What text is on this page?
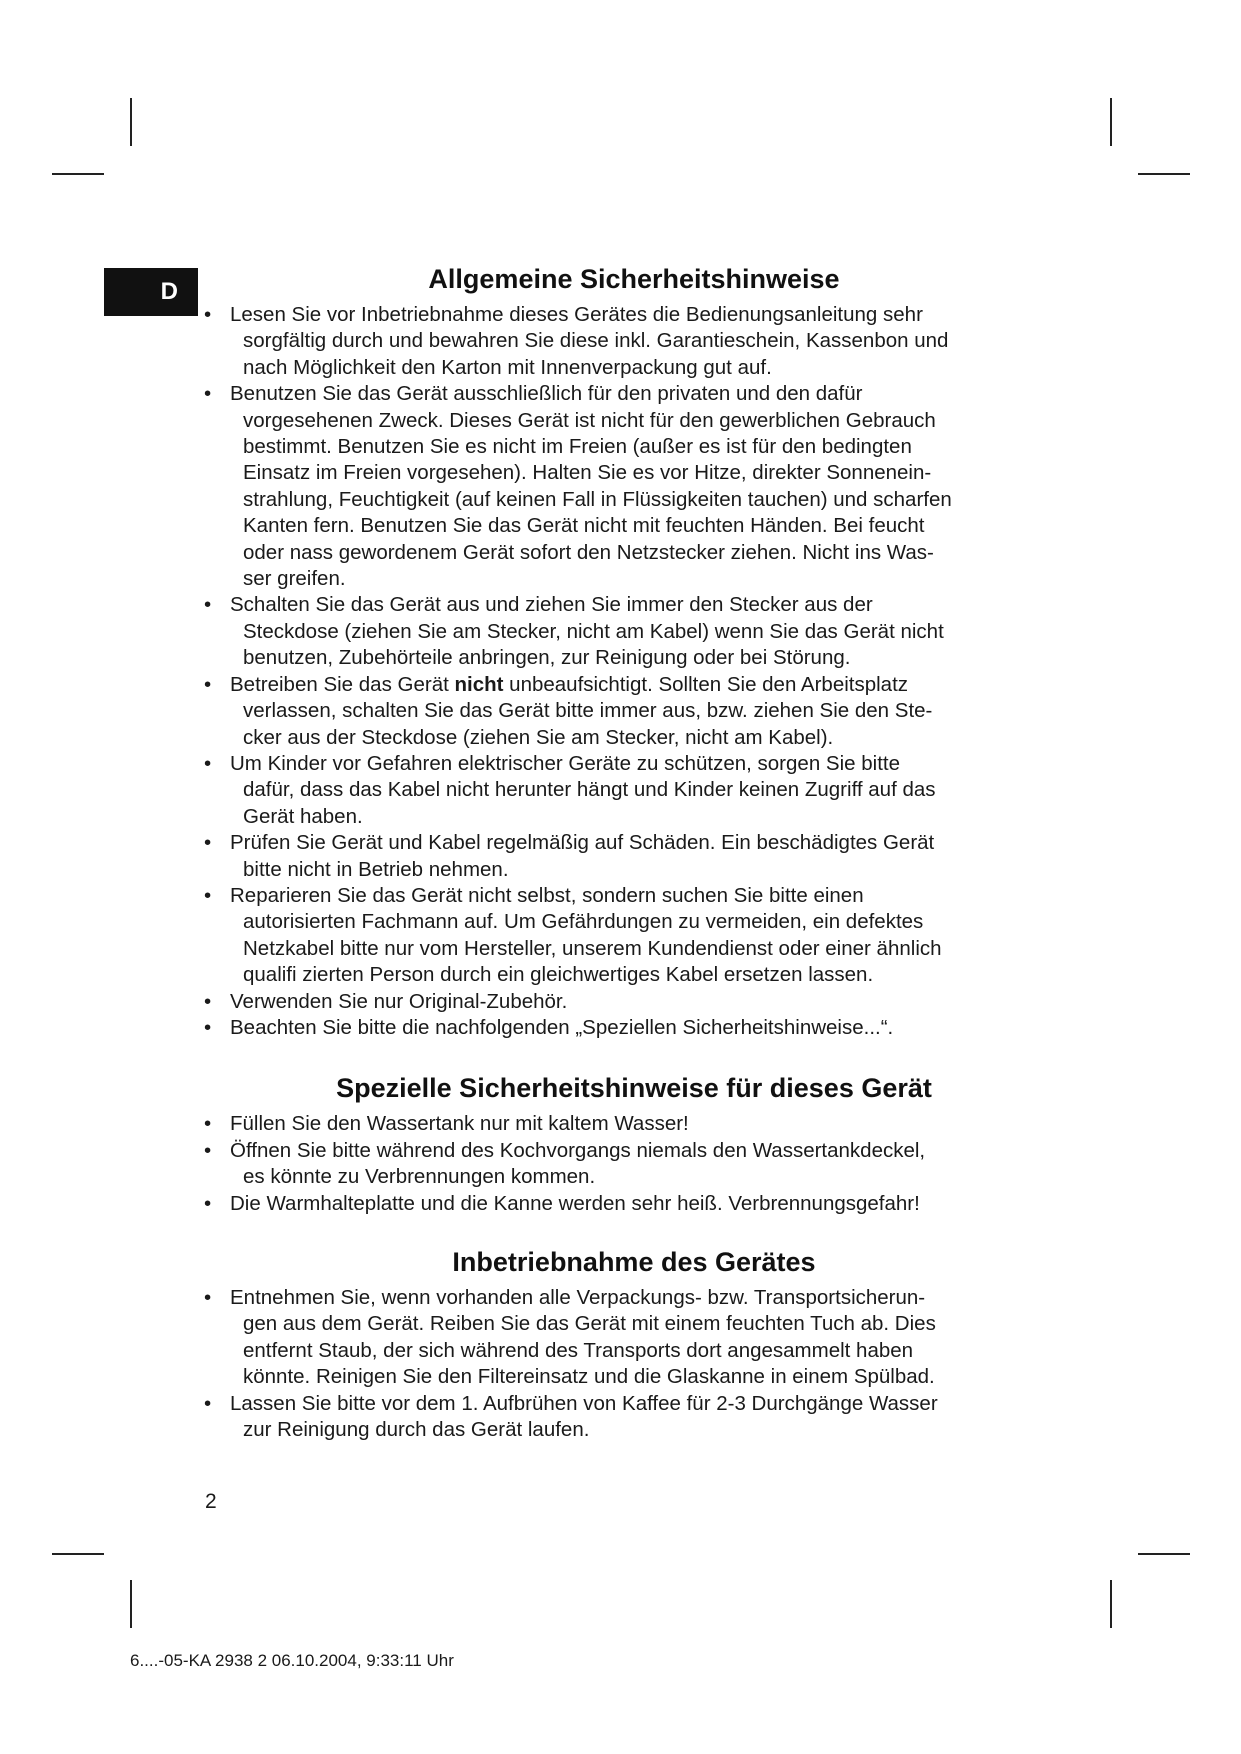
D	Allgemeine Sicherheitshinweise
• Lesen Sie vor Inbetriebnahme dieses Gerätes die Bedienungsanleitung sehr
sorgfältig durch und bewahren Sie diese inkl. Garantieschein, Kassenbon und
nach Möglichkeit den Karton mit Innenverpackung gut auf.
• Benutzen Sie das Gerät ausschließlich für den privaten und den dafür
vorgesehenen Zweck. Dieses Gerät ist nicht für den gewerblichen Gebrauch
bestimmt. Benutzen Sie es nicht im Freien (außer es ist für den bedingten
Einsatz im Freien vorgesehen). Halten Sie es vor Hitze, direkter Sonnenein-
strahlung, Feuchtigkeit (auf keinen Fall in Flüssigkeiten tauchen) und scharfen
Kanten fern. Benutzen Sie das Gerät nicht mit feuchten Händen. Bei feucht
oder nass gewordenem Gerät sofort den Netzstecker ziehen. Nicht ins Was-
ser greifen.
• Schalten Sie das Gerät aus und ziehen Sie immer den Stecker aus der
Steckdose (ziehen Sie am Stecker, nicht am Kabel) wenn Sie das Gerät nicht
benutzen, Zubehörteile anbringen, zur Reinigung oder bei Störung.
• Betreiben Sie das Gerät nicht unbeaufsichtigt. Sollten Sie den Arbeitsplatz
verlassen, schalten Sie das Gerät bitte immer aus, bzw. ziehen Sie den Ste-
cker aus der Steckdose (ziehen Sie am Stecker, nicht am Kabel).
• Um Kinder vor Gefahren elektrischer Geräte zu schützen, sorgen Sie bitte
dafür, dass das Kabel nicht herunter hängt und Kinder keinen Zugriff auf das
Gerät haben.
• Prüfen Sie Gerät und Kabel regelmäßig auf Schäden. Ein beschädigtes Gerät
bitte nicht in Betrieb nehmen.
• Reparieren Sie das Gerät nicht selbst, sondern suchen Sie bitte einen
autorisierten Fachmann auf. Um Gefährdungen zu vermeiden, ein defektes
Netzkabel bitte nur vom Hersteller, unserem Kundendienst oder einer ähnlich
qualifi zierten Person durch ein gleichwertiges Kabel ersetzen lassen.
• Verwenden Sie nur Original-Zubehör.
• Beachten Sie bitte die nachfolgenden „Speziellen Sicherheitshinweise...“.
Spezielle Sicherheitshinweise für dieses Gerät
• Füllen Sie den Wassertank nur mit kaltem Wasser!
• Öffnen Sie bitte während des Kochvorgangs niemals den Wassertankdeckel,
es könnte zu Verbrennungen kommen.
• Die Warmhalteplatte und die Kanne werden sehr heiß. Verbrennungsgefahr!
Inbetriebnahme des Gerätes
• Entnehmen Sie, wenn vorhanden alle Verpackungs- bzw. Transportsicherun-
gen aus dem Gerät. Reiben Sie das Gerät mit einem feuchten Tuch ab. Dies
entfernt Staub, der sich während des Transports dort angesammelt haben
könnte. Reinigen Sie den Filtereinsatz und die Glaskanne in einem Spülbad.
• Lassen Sie bitte vor dem 1. Aufbrühen von Kaffee für 2-3 Durchgänge Wasser
zur Reinigung durch das Gerät laufen.
2
6....-05-KA 2938 2 06.10.2004, 9:33:11 Uhr
